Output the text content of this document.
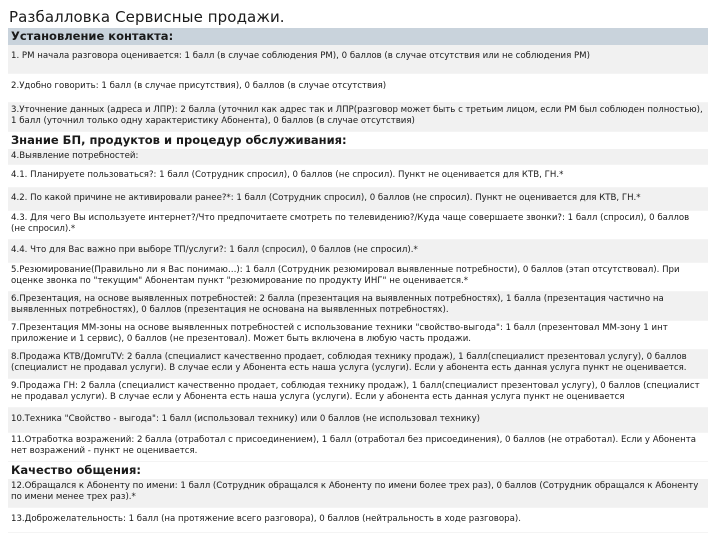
Разбалловка Сервисные продажи.
Установление контакта:
1. РМ начала разговора оценивается: 1 балл (в случае соблюдения РМ), 0 баллов (в случае отсутствия или не соблюдения РМ)
2.Удобно говорить: 1 балл (в случае присутствия), 0 баллов (в случае отсутствия)
3.Уточнение данных (адреса и ЛПР): 2 балла (уточнил как адрес так и ЛПР(разговор может быть с третьим лицом, если РМ был соблюден полностью), 1 балл (уточнил только одну характеристику Абонента), 0 баллов (в случае отсутствия)
Знание БП, продуктов и процедур обслуживания:
4.Выявление потребностей:
4.1. Планируете пользоваться?: 1 балл (Сотрудник спросил), 0 баллов (не спросил). Пункт не оценивается для КТВ, ГН.*
4.2. По какой причине не активировали ранее?*: 1 балл (Сотрудник спросил), 0 баллов (не спросил). Пункт не оценивается для КТВ, ГН.*
4.3. Для чего Вы используете интернет?/Что предпочитаете смотреть по телевидению?/Куда чаще совершаете звонки?: 1 балл (спросил), 0 баллов (не спросил).*
4.4. Что для Вас важно при выборе ТП/услуги?: 1 балл (спросил), 0 баллов (не спросил).*
5.Резюмирование(Правильно ли я Вас понимаю…): 1 балл (Сотрудник резюмировал выявленные потребности), 0 баллов (этап отсутствовал). При оценке звонка по "текущим" Абонентам пункт "резюмирование по продукту ИНГ" не оценивается.*
6.Презентация, на основе выявленных потребностей: 2 балла (презентация на выявленных потребностях), 1 балла (презентация частично на выявленных потребностях), 0 баллов (презентация не основана на выявленных потребностях).
7.Презентация ММ-зоны на основе выявленных потребностей с использование техники "свойство-выгода": 1 балл (презентовал ММ-зону 1 инт приложение и 1 сервис), 0 баллов (не презентовал). Может быть включена в любую часть продажи.
8.Продажа КТВ/ДомruTV: 2 балла (специалист качественно продает, соблюдая технику продаж), 1 балл(специалист презентовал услугу), 0 баллов (специалист не продавал услуги). В случае если у Абонента есть наша услуга (услуги). Если у абонента есть данная услуга пункт не оценивается.
9.Продажа ГН: 2 балла (специалист качественно продает, соблюдая технику продаж), 1 балл(специалист презентовал услугу), 0 баллов (специалист не продавал услуги). В случае если у Абонента есть наша услуга (услуги). Если у абонента есть данная услуга пункт не оценивается
10.Техника "Свойство - выгода": 1 балл (использовал технику) или 0 баллов (не использовал технику)
11.Отработка возражений: 2 балла (отработал с присоединением), 1 балл (отработал без присоединения), 0 баллов (не отработал). Если у Абонента нет возражений - пункт не оценивается.
Качество общения:
12.Обращался к Абоненту по имени: 1 балл (Сотрудник обращался к Абоненту по имени более трех раз), 0 баллов (Сотрудник обращался к Абоненту по имени менее трех раз).*
13.Доброжелательность: 1 балл (на протяжение всего разговора), 0 баллов (нейтральность в ходе разговора).
